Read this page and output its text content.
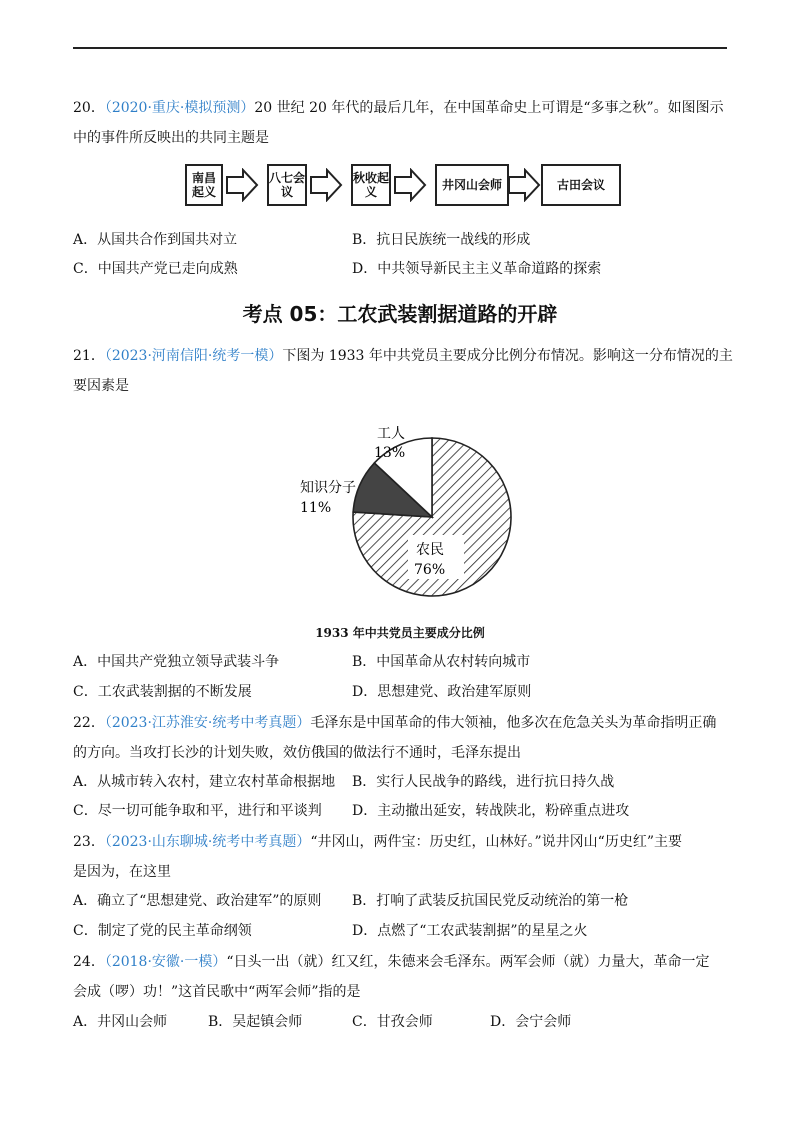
20．（2020·重庆·模拟预测）20 世纪 20 年代的最后几年，在中国革命史上可谓是“多事之秋”。如图图示
中的事件所反映出的共同主题是
南昌起义
八七会议
秋收起义	井冈山会师	古田会议
A．从国共合作到国共对立	B．抗日民族统一战线的形成
C．中国共产党已走向成熟	D．中共领导新民主主义革命道路的探索
考点 05：工农武装割据道路的开辟
21．（2023·河南信阳·统考一模）下图为 1933 年中共党员主要成分比例分布情况。影响这一分布情况的主
要因素是
工人
13%
知识分子
11%
农民
76%
1933 年中共党员主要成分比例
A．中国共产党独立领导武装斗争	B．中国革命从农村转向城市
C．工农武装割据的不断发展	D．思想建党、政治建军原则
22．（2023·江苏淮安·统考中考真题）毛泽东是中国革命的伟大领袖，他多次在危急关头为革命指明正确
的方向。当攻打长沙的计划失败，效仿俄国的做法行不通时，毛泽东提出
A．从城市转入农村，建立农村革命根据地 B．实行人民战争的路线，进行抗日持久战
C．尽一切可能争取和平，进行和平谈判 D．主动撤出延安，转战陕北，粉碎重点进攻
23．（2023·山东聊城·统考中考真题）“井冈山，两件宝：历史红，山林好。”说井冈山“历史红”主要
是因为，在这里
A．确立了“思想建党、政治建军”的原则 B．打响了武装反抗国民党反动统治的第一枪
C．制定了党的民主革命纲领	D．点燃了“工农武装割据”的星星之火
24．（2018·安徽·一模）“日头一出（就）红又红，朱德来会毛泽东。两军会师（就）力量大，革命一定
会成（啰）功！”这首民歌中“两军会师”指的是
A．井冈山会师	B．吴起镇会师	C．甘孜会师	D．会宁会师
